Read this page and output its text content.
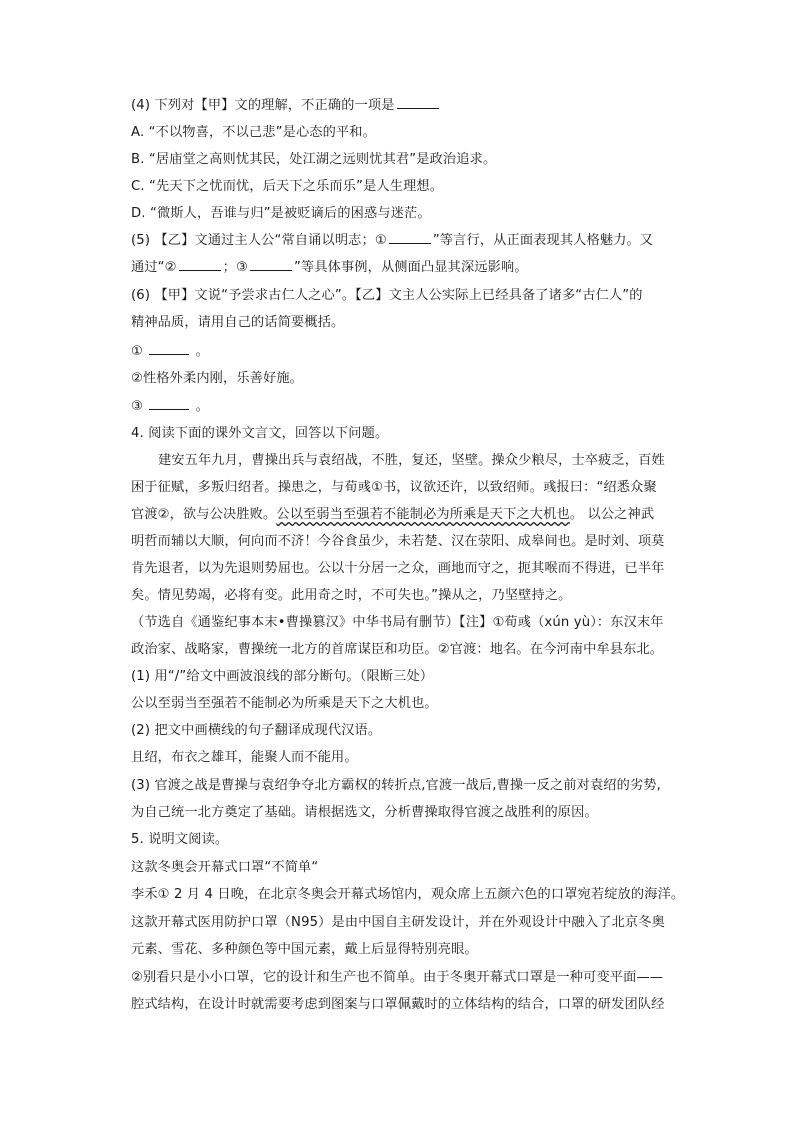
(4) 下列对【甲】文的理解，不正确的一项是
A. “不以物喜，不以己悲”是心态的平和。
B. “居庙堂之高则忧其民，处江湖之远则忧其君”是政治追求。
C. “先天下之忧而忧，后天下之乐而乐”是人生理想。
D. “微斯人，吾谁与归”是被贬谪后的困惑与迷茫。
(5) 【乙】文通过主人公“常自诵以明志；①	”等言行，从正面表现其人格魅力。又
通过“②	；③	”等具体事例，从侧面凸显其深远影响。
(6) 【甲】文说“予尝求古仁人之心”。【乙】文主人公实际上已经具备了诸多“古仁人”的
精神品质，请用自己的话简要概括。
①	。
②性格外柔内刚，乐善好施。
③	。
4. 阅读下面的课外文言文，回答以下问题。
建安五年九月，曹操出兵与袁绍战，不胜，复还，坚壁。操众少粮尽，士卒疲乏，百姓
困于征赋，多叛归绍者。操患之，与荀彧①书，议欲还许，以致绍师。彧报曰：“绍悉众聚
官渡②，欲与公决胜败。公以至弱当至强若不能制必为所乘是天下之大机也。 以公之神武
明哲而辅以大顺，何向而不济！今谷食虽少，未若楚、汉在荥阳、成皋间也。是时刘、项莫
肯先退者，以为先退则势屈也。公以十分居一之众，画地而守之，扼其喉而不得进，已半年
矣。情见势竭，必将有变。此用奇之时，不可失也。”操从之，乃坚壁持之。
（节选自《通鉴纪事本末•曹操篡汉》中华书局有删节）【注】①荀彧（xún yù）：东汉末年
政治家、战略家，曹操统一北方的首席谋臣和功臣。②官渡：地名。在今河南中牟县东北。
(1) 用“/”给文中画波浪线的部分断句。（限断三处）
公以至弱当至强若不能制必为所乘是天下之大机也。
(2) 把文中画横线的句子翻译成现代汉语。
且绍，布衣之雄耳，能聚人而不能用。
(3) 官渡之战是曹操与袁绍争夺北方霸权的转折点,官渡一战后,曹操一反之前对袁绍的劣势,
为自己统一北方奠定了基础。请根据选文，分析曹操取得官渡之战胜利的原因。
5. 说明文阅读。
这款冬奥会开幕式口罩“不简单“
李禾① 2 月 4 日晚，在北京冬奥会开幕式场馆内，观众席上五颜六色的口罩宛若绽放的海洋。
这款开幕式医用防护口罩（N95）是由中国自主研发设计，并在外观设计中融入了北京冬奥
元素、雪花、多种颜色等中国元素，戴上后显得特别亮眼。
②别看只是小小口罩，它的设计和生产也不简单。由于冬奥开幕式口罩是一种可变平面——
腔式结构，在设计时就需要考虑到图案与口罩佩戴时的立体结构的结合，口罩的研发团队经
